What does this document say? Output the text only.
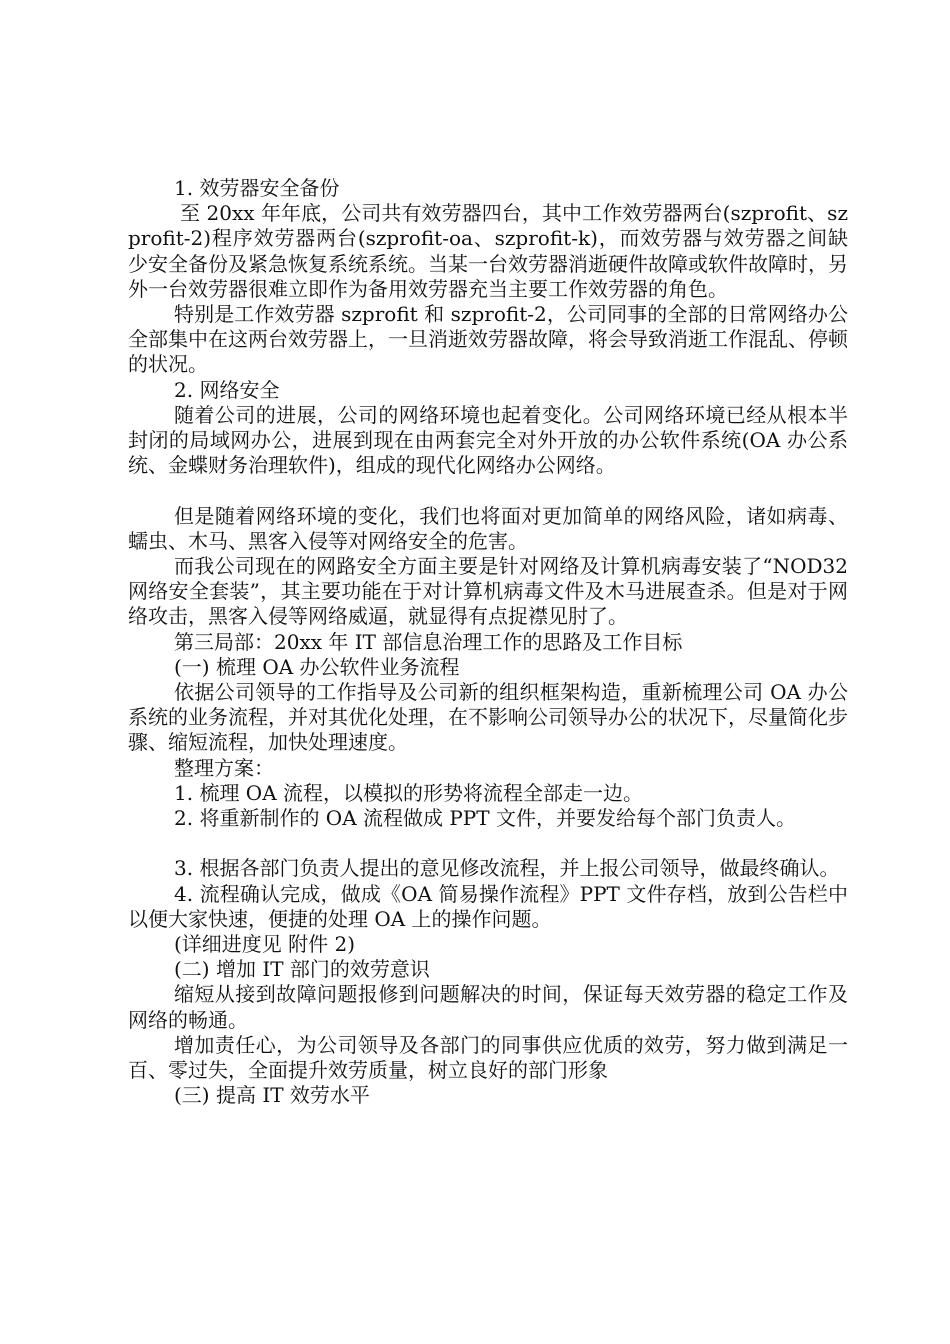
1. 效劳器安全备份

至 20xx 年年底，公司共有效劳器四台，其中工作效劳器两台(szprofit、szprofit-2)程序效劳器两台(szprofit-oa、szprofit-k)，而效劳器与效劳器之间缺少安全备份及紧急恢复系统系统。当某一台效劳器消逝硬件故障或软件故障时，另外一台效劳器很难立即作为备用效劳器充当主要工作效劳器的角色。

特别是工作效劳器 szprofit 和 szprofit-2，公司同事的全部的日常网络办公全部集中在这两台效劳器上，一旦消逝效劳器故障，将会导致消逝工作混乱、停顿的状况。

2. 网络安全

随着公司的进展，公司的网络环境也起着变化。公司网络环境已经从根本半封闭的局域网办公，进展到现在由两套完全对外开放的办公软件系统(OA 办公系统、金蝶财务治理软件)，组成的现代化网络办公网络。

但是随着网络环境的变化，我们也将面对更加简单的网络风险，诸如病毒、蠕虫、木马、黑客入侵等对网络安全的危害。

而我公司现在的网路安全方面主要是针对网络及计算机病毒安装了“NOD32 网络安全套装”，其主要功能在于对计算机病毒文件及木马进展查杀。但是对于网络攻击，黑客入侵等网络威逼，就显得有点捉襟见肘了。

第三局部：20xx 年 IT 部信息治理工作的思路及工作目标

(一) 梳理 OA 办公软件业务流程

依据公司领导的工作指导及公司新的组织框架构造，重新梳理公司 OA 办公系统的业务流程，并对其优化处理，在不影响公司领导办公的状况下，尽量简化步骤、缩短流程，加快处理速度。

整理方案：

1. 梳理 OA 流程，以模拟的形势将流程全部走一边。

2. 将重新制作的 OA 流程做成 PPT 文件，并要发给每个部门负责人。

3. 根据各部门负责人提出的意见修改流程，并上报公司领导，做最终确认。

4. 流程确认完成，做成《OA 简易操作流程》PPT 文件存档，放到公告栏中以便大家快速，便捷的处理 OA 上的操作问题。

(详细进度见 附件 2)

(二) 增加 IT 部门的效劳意识

缩短从接到故障问题报修到问题解决的时间，保证每天效劳器的稳定工作及网络的畅通。

增加责任心，为公司领导及各部门的同事供应优质的效劳，努力做到满足一百、零过失，全面提升效劳质量，树立良好的部门形象

(三) 提高 IT 效劳水平
